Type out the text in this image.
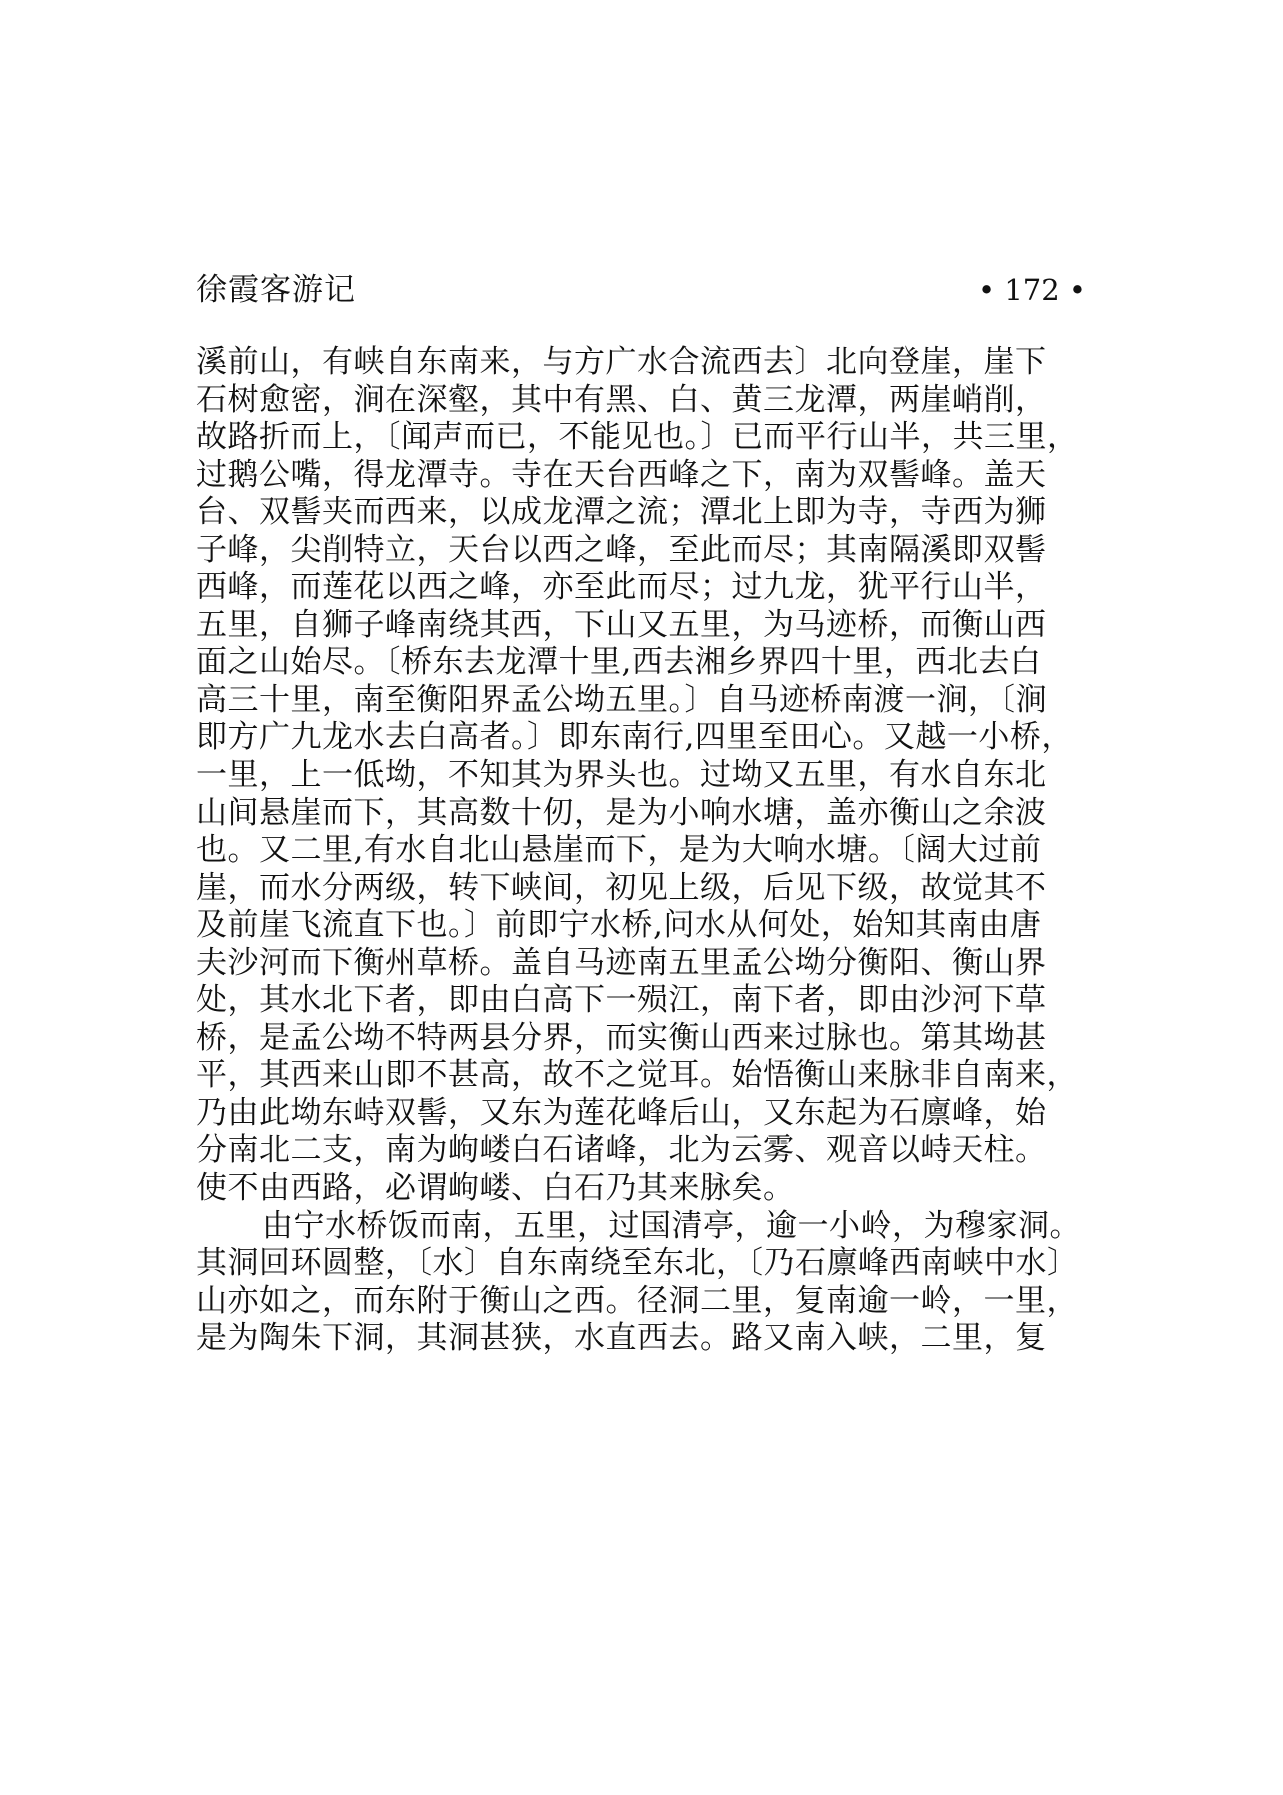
徐霞客游记	• 172 •
溪前山，有峡自东南来，与方广水合流西去〕北向登崖，崖下
石树愈密，涧在深壑，其中有黑、白、黄三龙潭，两崖峭削，
故路折而上，〔闻声而已，不能见也。〕已而平行山半，共三里，
过鹅公嘴，得龙潭寺。寺在天台西峰之下，南为双髻峰。盖天
台、双髻夹而西来，以成龙潭之流；潭北上即为寺，寺西为狮
子峰，尖削特立，天台以西之峰，至此而尽；其南隔溪即双髻
西峰，而莲花以西之峰，亦至此而尽；过九龙，犹平行山半，
五里，自狮子峰南绕其西，下山又五里，为马迹桥，而衡山西
面之山始尽。〔桥东去龙潭十里,西去湘乡界四十里，西北去白
高三十里，南至衡阳界孟公坳五里。〕自马迹桥南渡一涧，〔涧
即方广九龙水去白高者。〕即东南行,四里至田心。又越一小桥，
一里，上一低坳，不知其为界头也。过坳又五里，有水自东北
山间悬崖而下，其高数十仞，是为小响水塘，盖亦衡山之余波
也。又二里,有水自北山悬崖而下，是为大响水塘。〔阔大过前
崖，而水分两级，转下峡间，初见上级，后见下级，故觉其不
及前崖飞流直下也。〕前即宁水桥,问水从何处，始知其南由唐
夫沙河而下衡州草桥。盖自马迹南五里孟公坳分衡阳、衡山界
处，其水北下者，即由白高下一殒江，南下者，即由沙河下草
桥，是孟公坳不特两县分界，而实衡山西来过脉也。第其坳甚
平，其西来山即不甚高，故不之觉耳。始悟衡山来脉非自南来，
乃由此坳东峙双髻，又东为莲花峰后山，又东起为石廪峰，始
分南北二支，南为岣嵝白石诸峰，北为云雾、观音以峙天柱。
使不由西路，必谓岣嵝、白石乃其来脉矣。
由宁水桥饭而南，五里，过国清亭，逾一小岭，为穆家洞。
其洞回环圆整，〔水〕自东南绕至东北，〔乃石廪峰西南峡中水〕
山亦如之，而东附于衡山之西。径洞二里，复南逾一岭，一里，
是为陶朱下洞，其洞甚狭，水直西去。路又南入峡，二里，复
